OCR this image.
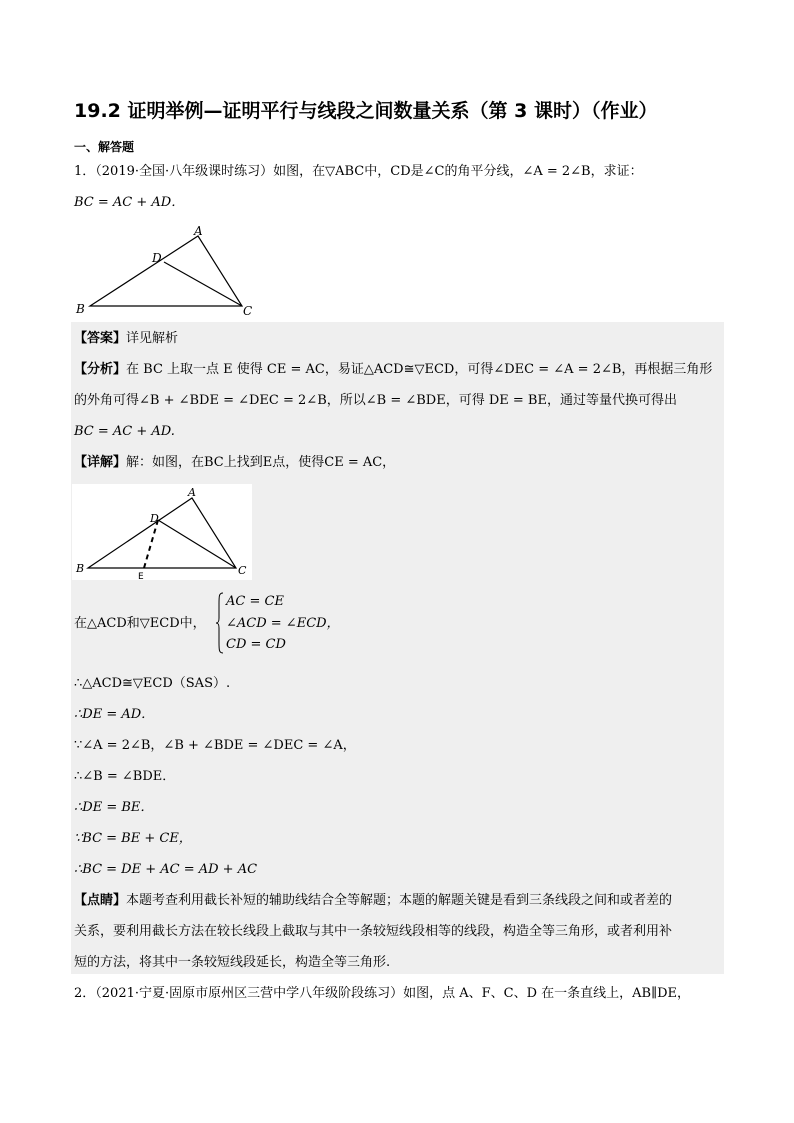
19.2 证明举例—证明平行与线段之间数量关系（第 3 课时）（作业）
一、解答题
1．（2019·全国·八年级课时练习）如图，在▽ABC中，CD是∠C的角平分线，∠A = 2∠B，求证：
BC = AC + AD．
A
D
B	C
【答案】详见解析
【分析】在 BC 上取一点 E 使得 CE = AC，易证△ACD≅▽ECD，可得∠DEC = ∠A = 2∠B，再根据三角形
的外角可得∠B + ∠BDE = ∠DEC = 2∠B，所以∠B = ∠BDE，可得 DE = BE，通过等量代换可得出
BC = AC + AD.
【详解】解：如图，在BC上找到E点，使得CE = AC，
A
D
B	C
E
在△ACD和▽ECD中，
AC = CE
∠ACD = ∠ECD，
CD = CD
∴△ACD≅▽ECD（SAS）.
∴DE = AD．
∵∠A = 2∠B，∠B + ∠BDE = ∠DEC = ∠A，
∴∠B = ∠BDE．
∴DE = BE．
∵BC = BE + CE，
∴BC = DE + AC = AD + AC
【点睛】本题考查利用截长补短的辅助线结合全等解题；本题的解题关键是看到三条线段之间和或者差的
关系，要利用截长方法在较长线段上截取与其中一条较短线段相等的线段，构造全等三角形，或者利用补
短的方法，将其中一条较短线段延长，构造全等三角形.
2．（2021·宁夏·固原市原州区三营中学八年级阶段练习）如图，点 A、F、C、D 在一条直线上，AB∥DE，
